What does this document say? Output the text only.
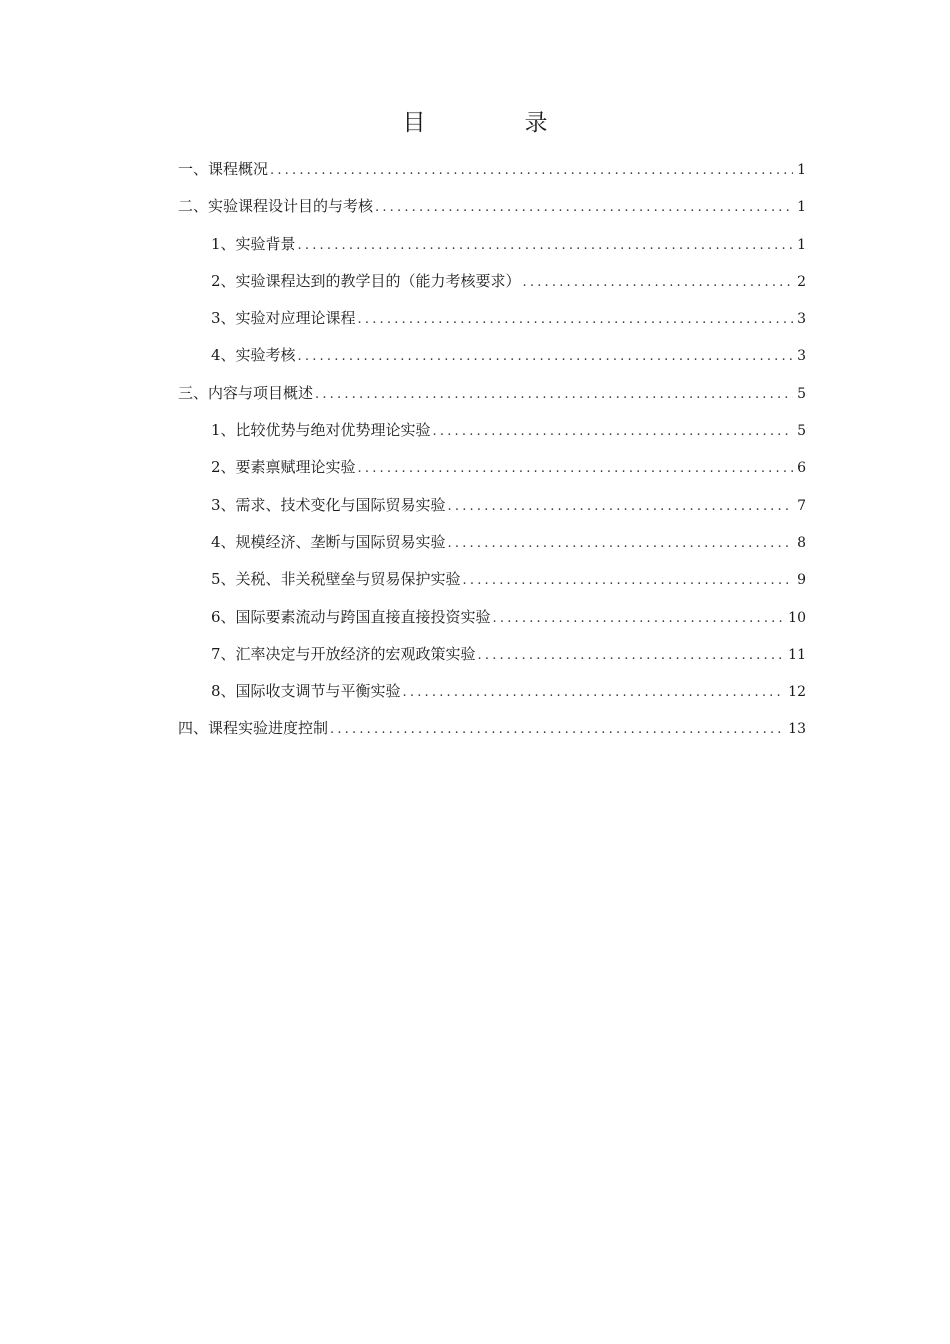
目　录
一、课程概况 .....	1
二、实验课程设计目的与考核 .....	1
1、实验背景 .....	1
2、实验课程达到的教学目的（能力考核要求） .....	2
3、实验对应理论课程 .....	3
4、实验考核 .....	3
三、内容与项目概述 .....	5
1、比较优势与绝对优势理论实验 .....	5
2、要素禀赋理论实验 .....	6
3、需求、技术变化与国际贸易实验 .....	7
4、规模经济、垄断与国际贸易实验 .....	8
5、关税、非关税壁垒与贸易保护实验 .....	9
6、国际要素流动与跨国直接直接投资实验 .....	10
7、汇率决定与开放经济的宏观政策实验 .....	11
8、国际收支调节与平衡实验 .....	12
四、课程实验进度控制 .....	13
